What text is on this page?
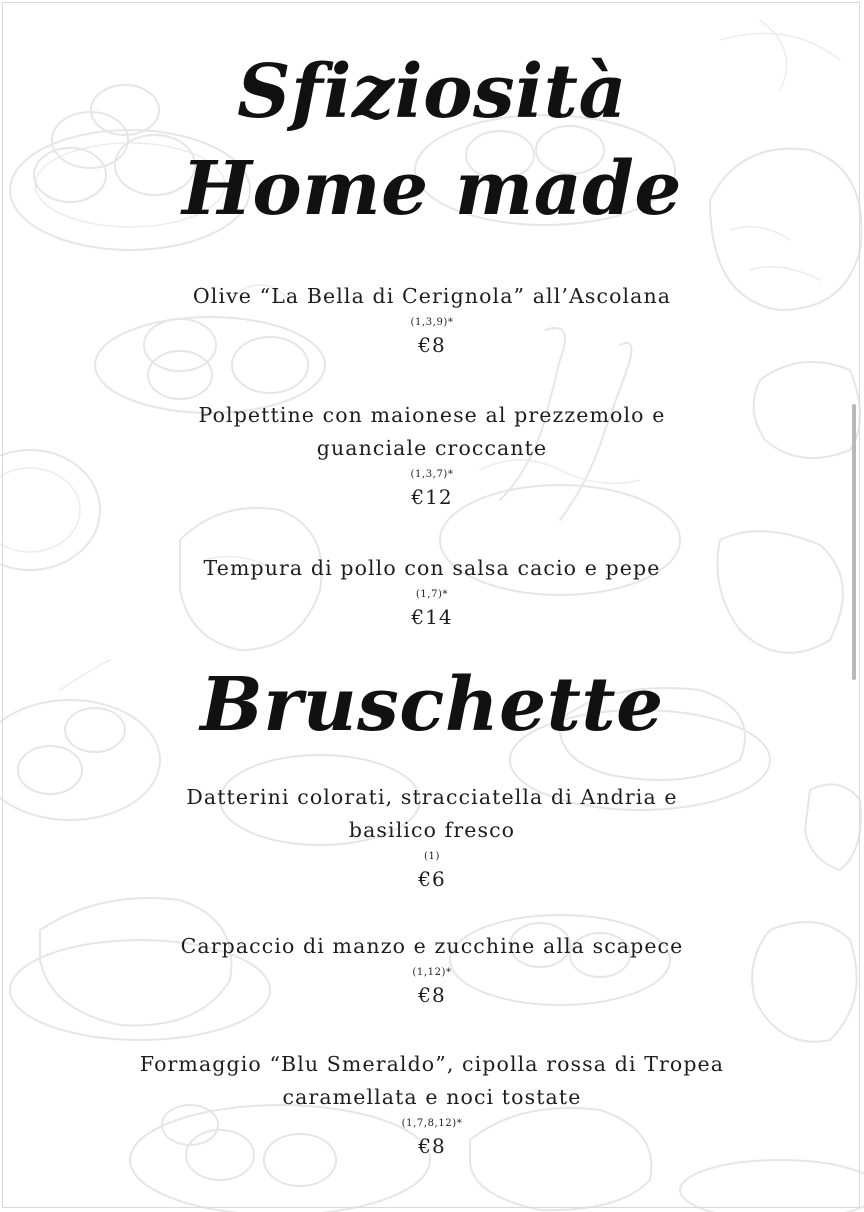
Sfiziosità
Home made
Olive “La Bella di Cerignola” all’Ascolana
(1,3,9)*
€8
Polpettine con maionese al prezzemolo e
guanciale croccante
(1,3,7)*
€12
Tempura di pollo con salsa cacio e pepe
(1,7)*
€14
Bruschette
Datterini colorati, stracciatella di Andria e
basilico fresco
(1)
€6
Carpaccio di manzo e zucchine alla scapece
(1,12)*
€8
Formaggio “Blu Smeraldo”, cipolla rossa di Tropea
caramellata e noci tostate
(1,7,8,12)*
€8
